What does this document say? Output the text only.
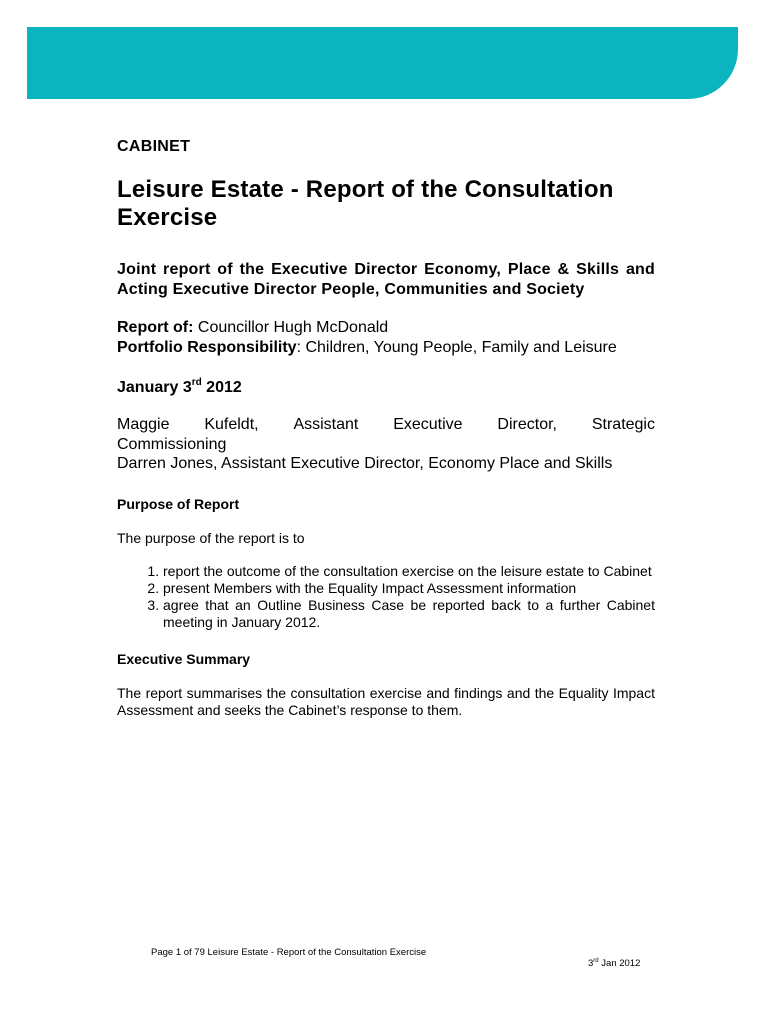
CABINET
Leisure Estate - Report of the Consultation Exercise
Joint report of the Executive Director Economy, Place & Skills and Acting Executive Director People, Communities and Society

Report of: Councillor Hugh McDonald

Portfolio Responsibility: Children, Young People, Family and Leisure

January 3rd 2012
Maggie Kufeldt, Assistant Executive Director, Strategic

Commissioning

Darren Jones, Assistant Executive Director, Economy Place and Skills

Purpose of Report

The purpose of the report is to

1. report the outcome of the consultation exercise on the leisure estate to Cabinet
2. present Members with the Equality Impact Assessment information
3. agree that an Outline Business Case be reported back to a further Cabinet meeting in January 2012.
Executive Summary

The report summarises the consultation exercise and findings and the Equality Impact Assessment and seeks the Cabinet’s response to them.

Page 1 of 79 Leisure Estate - Report of the Consultation Exercise
3rd Jan 2012
